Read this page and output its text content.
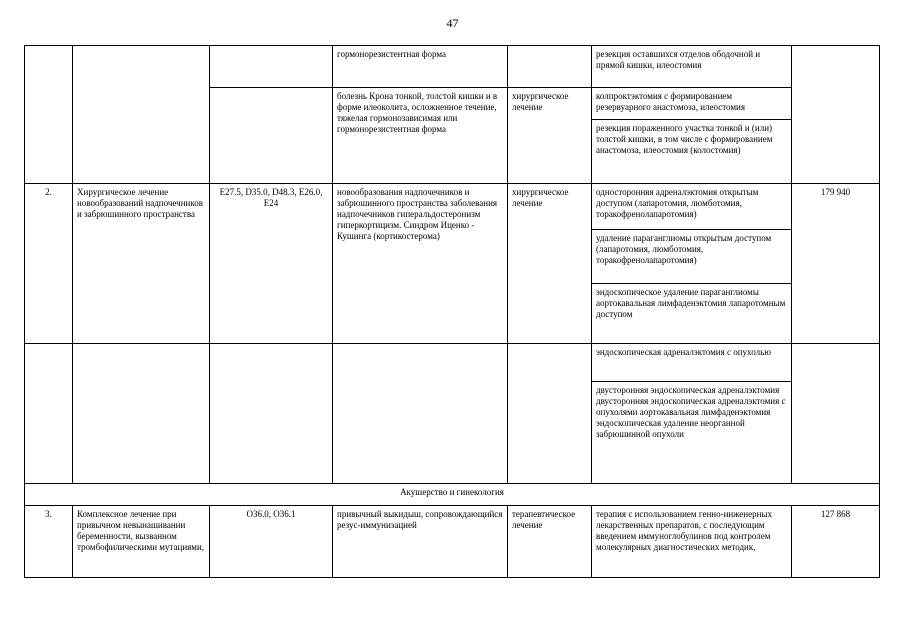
47
			гормонорезистентная форма		резекция оставшихся отделов ободочной и прямой кишки, илеостомия	
			болезнь Крона тонкой, толстой кишки и в форме илеоколита, осложненное течение, тяжелая гормонозависимая или гормонорезистентная форма	хирургическое лечение	колпроктэктомия с формированием резервуарного анастомоза, илеостомия	
					резекция пораженного участка тонкой и (или) толстой кишки, в том числе с формированием анастомоза, илеостомия (колостомия)	
2.	Хирургическое лечение новообразований надпочечников и забрюшинного пространства	E27.5, D35.0, D48.3, E26.0, E24	новообразования надпочечников и забрюшинного пространства заболевания надпочечников гиперальдостеронизм гиперкортицизм. Синдром Иценко - Кушинга (кортикостерома)	хирургическое лечение	односторонняя адреналэктомия открытым доступом (лапаротомия, люмботомия, торакофренолапаротомия)	179 940
					удаление параганглиомы открытым доступом (лапаротомия, люмботомия, торакофренолапаротомия)	
					эндоскопическое удаление параганглиомы аортокавальная лимфаденэктомия лапаротомным доступом	
					эндоскопическая адреналэктомия с опухолью	
					двусторонняя эндоскопическая адреналэктомия двусторонняя эндоскопическая адреналэктомия с опухолями аортокавальная лимфаденэктомия эндоскопическая удаление неорганной забрюшинной опухоли	
Акушерство и гинекология						
3.	Комплексное лечение при привычном невынашивании беременности, вызванном тромбофилическими мутациями,	O36.0, O36.1	привычный выкидыш, сопровождающийся резус-иммунизацией	терапевтическое лечение	терапия с использованием генно-инженерных лекарственных препаратов, с последующим введением иммуноглобулинов под контролем молекулярных диагностических методик,	127 868
